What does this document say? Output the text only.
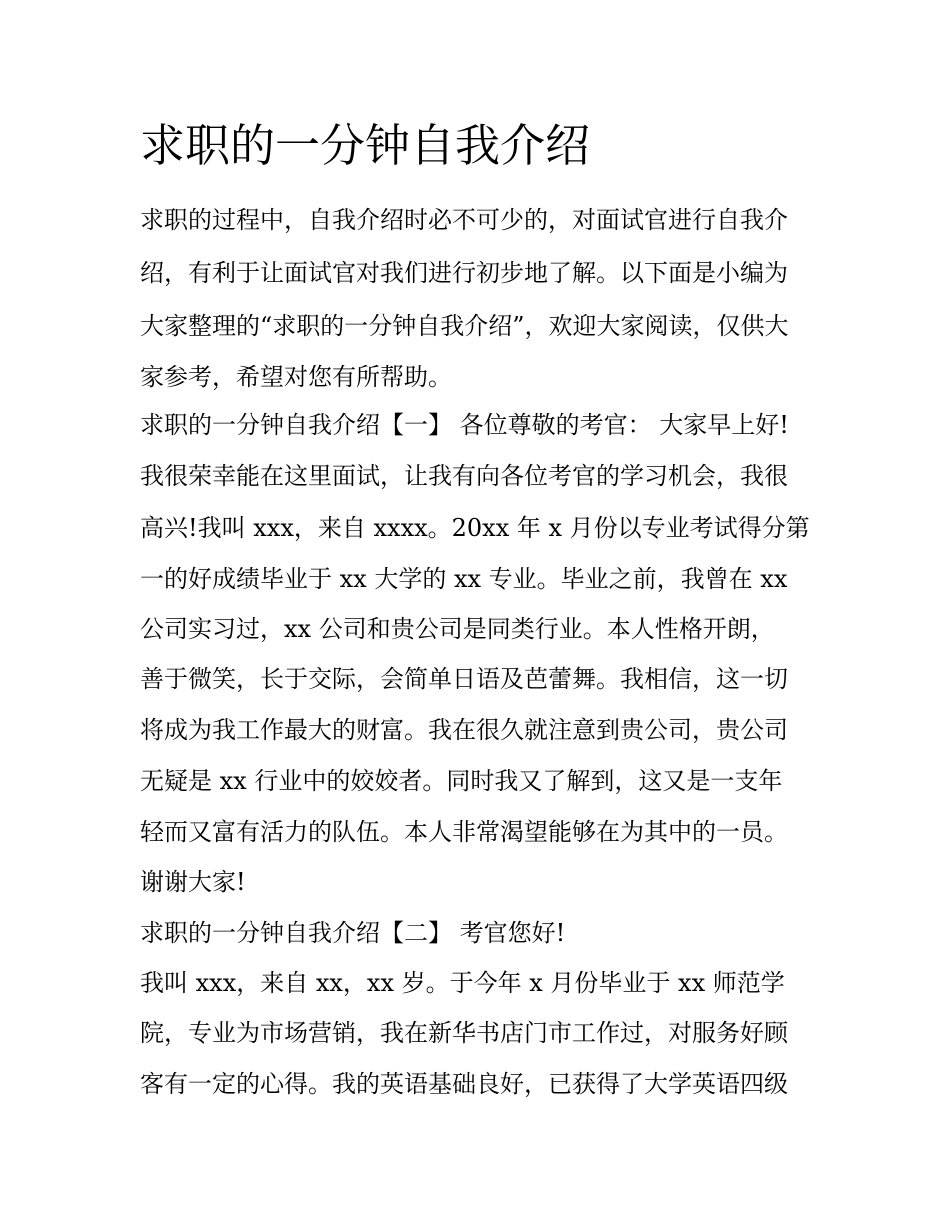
求职的一分钟自我介绍

求职的过程中，自我介绍时必不可少的，对面试官进行自我介

绍，有利于让面试官对我们进行初步地了解。以下面是小编为

大家整理的“求职的一分钟自我介绍”，欢迎大家阅读，仅供大

家参考，希望对您有所帮助。

求职的一分钟自我介绍【一】 各位尊敬的考官： 大家早上好!

我很荣幸能在这里面试，让我有向各位考官的学习机会，我很

高兴!我叫 xxx，来自 xxxx。20xx 年 x 月份以专业考试得分第

一的好成绩毕业于 xx 大学的 xx 专业。毕业之前，我曾在 xx

公司实习过，xx 公司和贵公司是同类行业。本人性格开朗，

善于微笑，长于交际，会简单日语及芭蕾舞。我相信，这一切

将成为我工作最大的财富。我在很久就注意到贵公司，贵公司

无疑是 xx 行业中的姣姣者。同时我又了解到，这又是一支年

轻而又富有活力的队伍。本人非常渴望能够在为其中的一员。

谢谢大家!

求职的一分钟自我介绍【二】 考官您好!

我叫 xxx，来自 xx，xx 岁。于今年 x 月份毕业于 xx 师范学

院，专业为市场营销，我在新华书店门市工作过，对服务好顾

客有一定的心得。我的英语基础良好，已获得了大学英语四级
